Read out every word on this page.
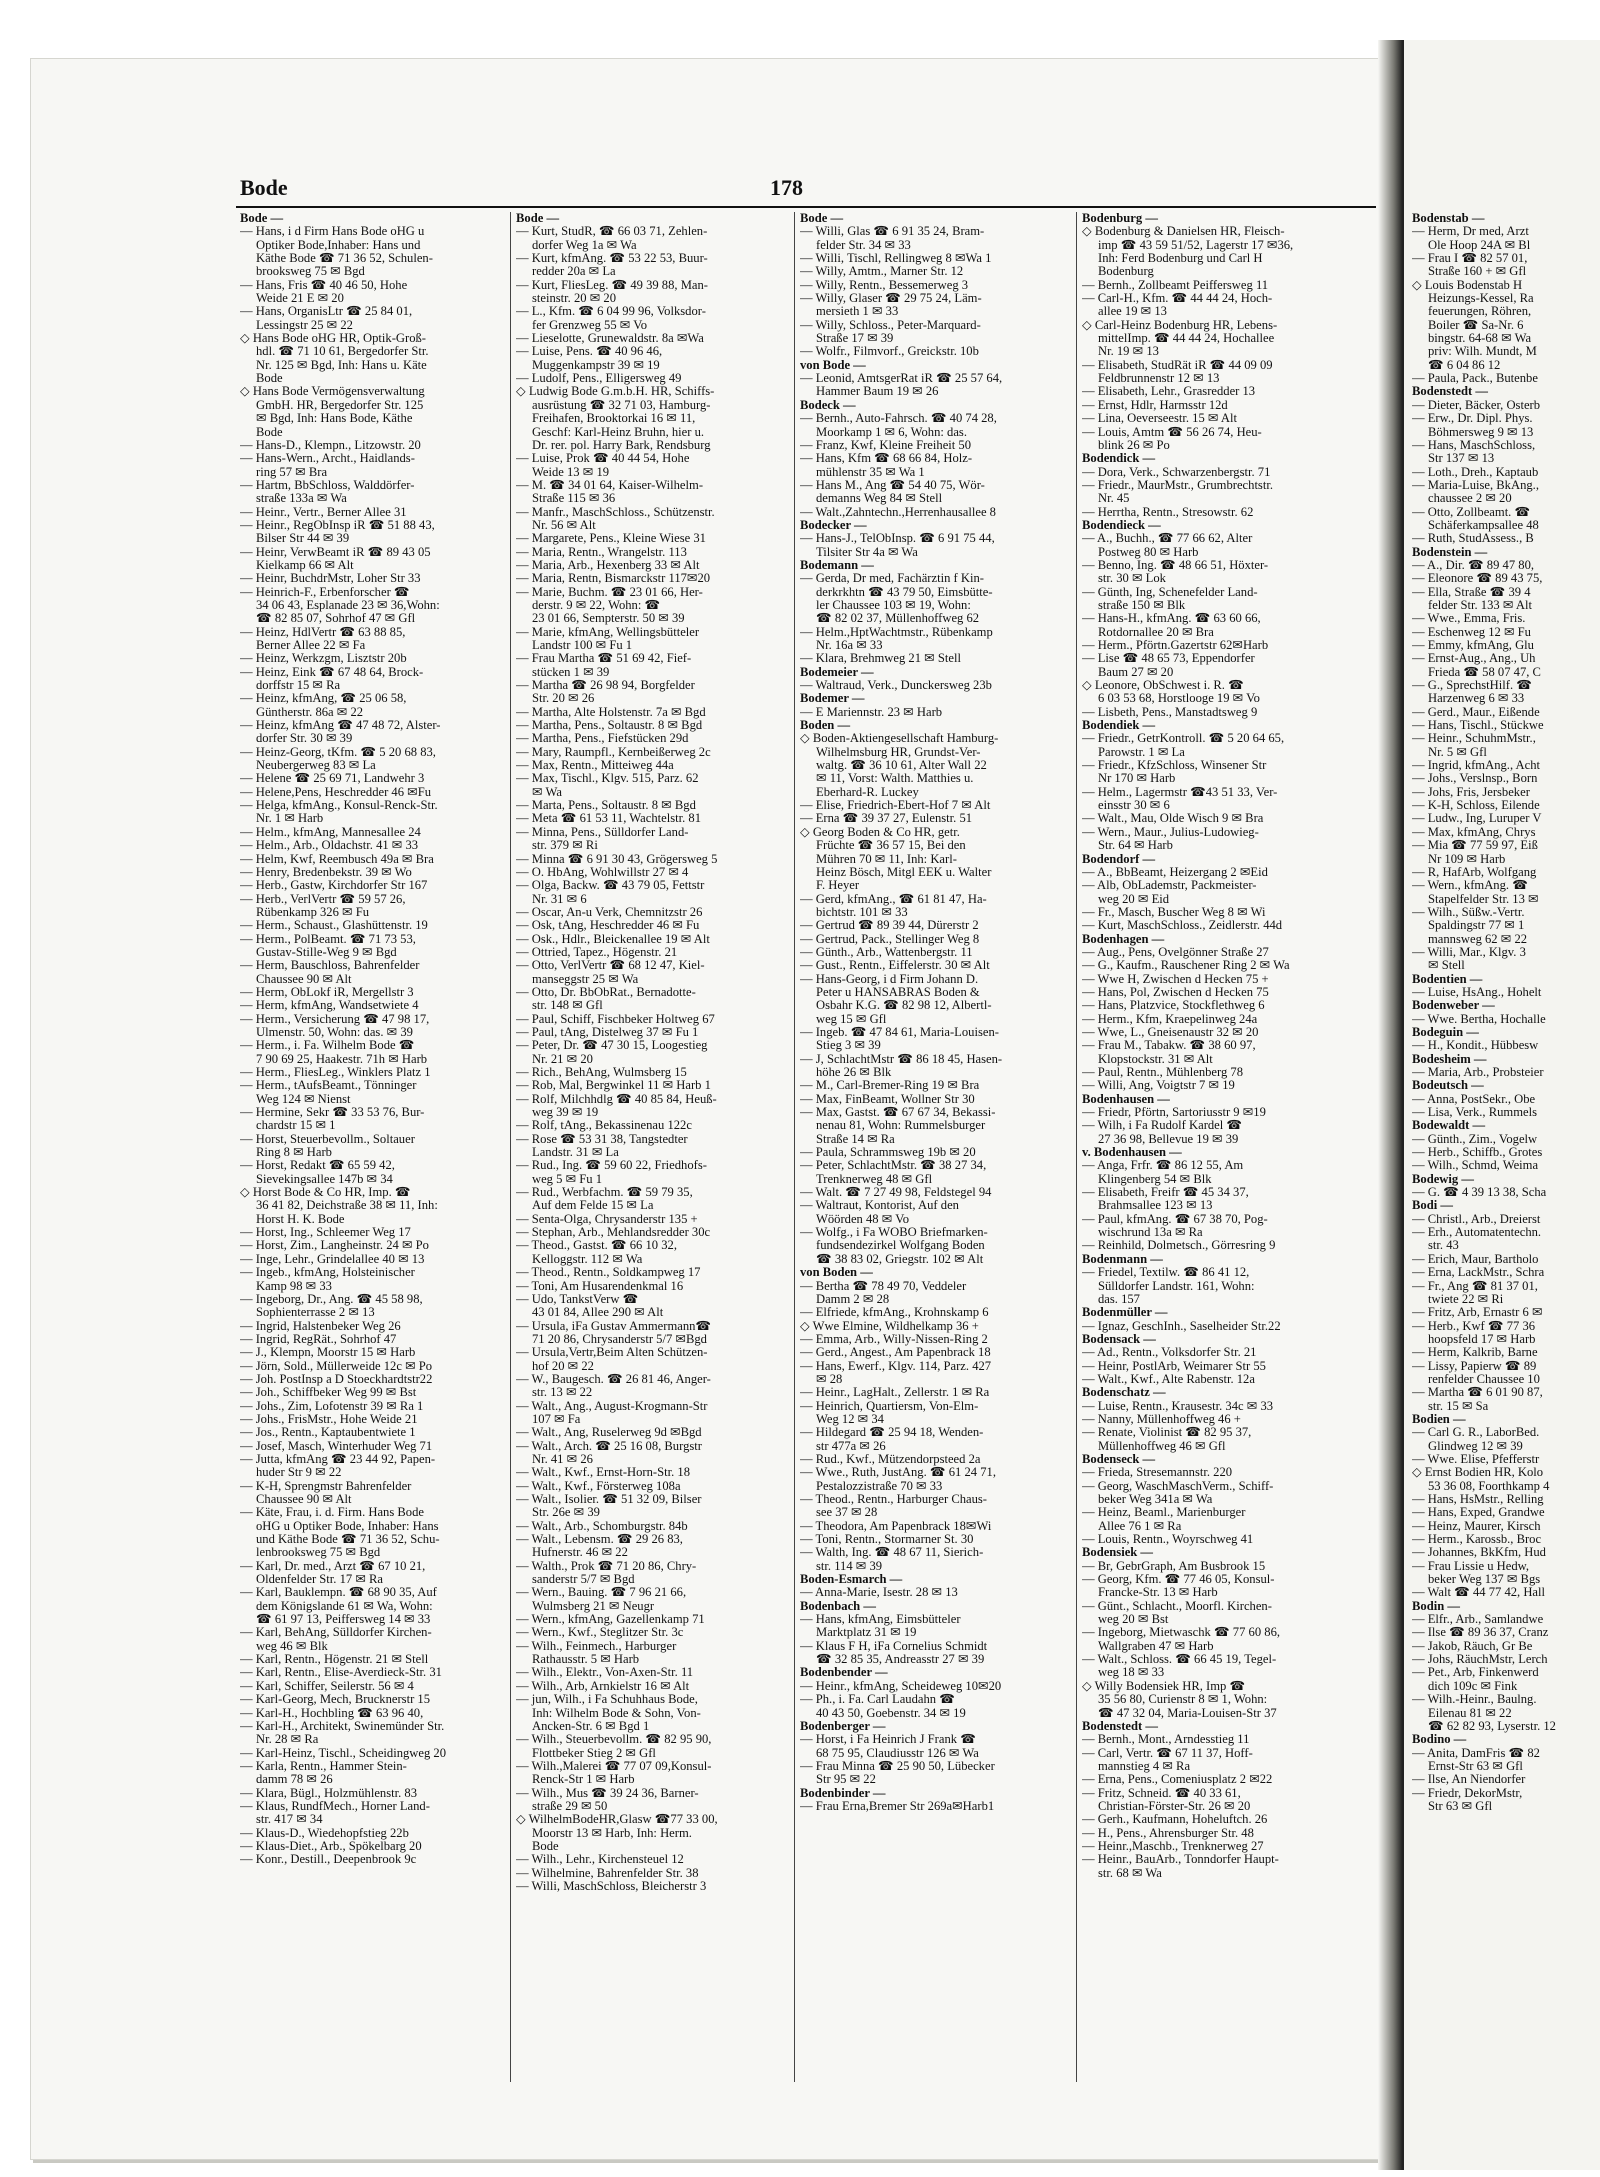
Bode	178
Bode —
— Hans, i d Firm Hans Bode oHG u
Optiker Bode,Inhaber: Hans und
Käthe Bode ☎ 71 36 52, Schulen-
brooksweg 75 ✉ Bgd
— Hans, Fris ☎ 40 46 50, Hohe
Weide 21 E ✉ 20
— Hans, OrganisLtr ☎ 25 84 01,
Lessingstr 25 ✉ 22
◇ Hans Bode oHG HR, Optik-Groß-
hdl. ☎ 71 10 61, Bergedorfer Str.
Nr. 125 ✉ Bgd, Inh: Hans u. Käte
Bode
◇ Hans Bode Vermögensverwaltung
GmbH. HR, Bergedorfer Str. 125
✉ Bgd, Inh: Hans Bode, Käthe
Bode
— Hans-D., Klempn., Litzowstr. 20
— Hans-Wern., Archt., Haidlands-
ring 57 ✉ Bra
— Hartm, BbSchloss, Walddörfer-
straße 133a ✉ Wa
— Heinr., Vertr., Berner Allee 31
— Heinr., RegObInsp iR ☎ 51 88 43,
Bilser Str 44 ✉ 39
— Heinr, VerwBeamt iR ☎ 89 43 05
Kielkamp 66 ✉ Alt
— Heinr, BuchdrMstr, Loher Str 33
— Heinrich-F., Erbenforscher ☎
34 06 43, Esplanade 23 ✉ 36,Wohn:
☎ 82 85 07, Sohrhof 47 ✉ Gfl
— Heinz, HdlVertr ☎ 63 88 85,
Berner Allee 22 ✉ Fa
— Heinz, Werkzgm, Lisztstr 20b
— Heinz, Eink ☎ 67 48 64, Brock-
dorffstr 15 ✉ Ra
— Heinz, kfmAng, ☎ 25 06 58,
Güntherstr. 86a ✉ 22
— Heinz, kfmAng ☎ 47 48 72, Alster-
dorfer Str. 30 ✉ 39
— Heinz-Georg, tKfm. ☎ 5 20 68 83,
Neubergerweg 83 ✉ La
— Helene ☎ 25 69 71, Landwehr 3
— Helene,Pens, Heschredder 46 ✉Fu
— Helga, kfmAng., Konsul-Renck-Str.
Nr. 1 ✉ Harb
— Helm., kfmAng, Mannesallee 24
— Helm., Arb., Oldachstr. 41 ✉ 33
— Helm, Kwf, Reembusch 49a ✉ Bra
— Henry, Bredenbekstr. 39 ✉ Wo
— Herb., Gastw, Kirchdorfer Str 167
— Herb., VerlVertr ☎ 59 57 26,
Rübenkamp 326 ✉ Fu
— Herm., Schaust., Glashüttenstr. 19
— Herm., PolBeamt. ☎ 71 73 53,
Gustav-Stille-Weg 9 ✉ Bgd
— Herm, Bauschloss, Bahrenfelder
Chaussee 90 ✉ Alt
— Herm, ObLokf iR, Mergellstr 3
— Herm, kfmAng, Wandsetwiete 4
— Herm., Versicherung ☎ 47 98 17,
Ulmenstr. 50, Wohn: das. ✉ 39
— Herm., i. Fa. Wilhelm Bode ☎
7 90 69 25, Haakestr. 71h ✉ Harb
— Herm., FliesLeg., Winklers Platz 1
— Herm., tAufsBeamt., Tönninger
Weg 124 ✉ Nienst
— Hermine, Sekr ☎ 33 53 76, Bur-
chardstr 15 ✉ 1
— Horst, Steuerbevollm., Soltauer
Ring 8 ✉ Harb
— Horst, Redakt ☎ 65 59 42,
Sievekingsallee 147b ✉ 34
◇ Horst Bode & Co HR, Imp. ☎
36 41 82, Deichstraße 38 ✉ 11, Inh:
Horst H. K. Bode
— Horst, Ing., Schleemer Weg 17
— Horst, Zim., Langheinstr. 24 ✉ Po
— Inge, Lehr., Grindelallee 40 ✉ 13
— Ingeb., kfmAng, Holsteinischer
Kamp 98 ✉ 33
— Ingeborg, Dr., Ang. ☎ 45 58 98,
Sophienterrasse 2 ✉ 13
— Ingrid, Halstenbeker Weg 26
— Ingrid, RegRät., Sohrhof 47
— J., Klempn, Moorstr 15 ✉ Harb
— Jörn, Sold., Müllerweide 12c ✉ Po
— Joh. PostInsp a D Stoeckhardtstr22
— Joh., Schiffbeker Weg 99 ✉ Bst
— Johs., Zim, Lofotenstr 39 ✉ Ra 1
— Johs., FrisMstr., Hohe Weide 21
— Jos., Rentn., Kaptaubentwiete 1
— Josef, Masch, Winterhuder Weg 71
— Jutta, kfmAng ☎ 23 44 92, Papen-
huder Str 9 ✉ 22
— K-H, Sprengmstr Bahrenfelder
Chaussee 90 ✉ Alt
— Käte, Frau, i. d. Firm. Hans Bode
oHG u Optiker Bode, Inhaber: Hans
und Käthe Bode ☎ 71 36 52, Schu-
lenbrooksweg 75 ✉ Bgd
— Karl, Dr. med., Arzt ☎ 67 10 21,
Oldenfelder Str. 17 ✉ Ra
— Karl, Bauklempn. ☎ 68 90 35, Auf
dem Königslande 61 ✉ Wa, Wohn:
☎ 61 97 13, Peiffersweg 14 ✉ 33
— Karl, BehAng, Sülldorfer Kirchen-
weg 46 ✉ Blk
— Karl, Rentn., Högenstr. 21 ✉ Stell
— Karl, Rentn., Elise-Averdieck-Str. 31
— Karl, Schiffer, Seilerstr. 56 ✉ 4
— Karl-Georg, Mech, Brucknerstr 15
— Karl-H., Hochbling ☎ 63 96 40,
— Karl-H., Architekt, Swinemünder Str.
Nr. 28 ✉ Ra
— Karl-Heinz, Tischl., Scheidingweg 20
— Karla, Rentn., Hammer Stein-
damm 78 ✉ 26
— Klara, Bügl., Holzmühlenstr. 83
— Klaus, RundfMech., Horner Land-
str. 417 ✉ 34
— Klaus-D., Wiedehopfstieg 22b
— Klaus-Diet., Arb., Spökelbarg 20
— Konr., Destill., Deepenbrook 9c
Bode —
— Kurt, StudR, ☎ 66 03 71, Zehlen-
dorfer Weg 1a ✉ Wa
— Kurt, kfmAng. ☎ 53 22 53, Buur-
redder 20a ✉ La
— Kurt, FliesLeg. ☎ 49 39 88, Man-
steinstr. 20 ✉ 20
— L., Kfm. ☎ 6 04 99 96, Volksdor-
fer Grenzweg 55 ✉ Vo
— Lieselotte, Grunewaldstr. 8a ✉Wa
— Luise, Pens. ☎ 40 96 46,
Muggenkampstr 39 ✉ 19
— Ludolf, Pens., Elligersweg 49
◇ Ludwig Bode G.m.b.H. HR, Schiffs-
ausrüstung ☎ 32 71 03, Hamburg-
Freihafen, Brooktorkai 16 ✉ 11,
Geschf: Karl-Heinz Bruhn, hier u.
Dr. rer. pol. Harry Bark, Rendsburg
— Luise, Prok ☎ 40 44 54, Hohe
Weide 13 ✉ 19
— M. ☎ 34 01 64, Kaiser-Wilhelm-
Straße 115 ✉ 36
— Manfr., MaschSchloss., Schützenstr.
Nr. 56 ✉ Alt
— Margarete, Pens., Kleine Wiese 31
— Maria, Rentn., Wrangelstr. 113
— Maria, Arb., Hexenberg 33 ✉ Alt
— Maria, Rentn, Bismarckstr 117✉20
— Marie, Buchm. ☎ 23 01 66, Her-
derstr. 9 ✉ 22, Wohn: ☎
23 01 66, Sempterstr. 50 ✉ 39
— Marie, kfmAng, Wellingsbütteler
Landstr 100 ✉ Fu 1
— Frau Martha ☎ 51 69 42, Fief-
stücken 1 ✉ 39
— Martha ☎ 26 98 94, Borgfelder
Str. 20 ✉ 26
— Martha, Alte Holstenstr. 7a ✉ Bgd
— Martha, Pens., Soltaustr. 8 ✉ Bgd
— Martha, Pens., Fiefstücken 29d
— Mary, Raumpfl., Kernbeißerweg 2c
— Max, Rentn., Mitteiweg 44a
— Max, Tischl., Klgv. 515, Parz. 62
✉ Wa
— Marta, Pens., Soltaustr. 8 ✉ Bgd
— Meta ☎ 61 53 11, Wachtelstr. 81
— Minna, Pens., Sülldorfer Land-
str. 379 ✉ Ri
— Minna ☎ 6 91 30 43, Grögersweg 5
— O. HbAng, Wohlwillstr 27 ✉ 4
— Olga, Backw. ☎ 43 79 05, Fettstr
Nr. 31 ✉ 6
— Oscar, An-u Verk, Chemnitzstr 26
— Osk, tAng, Heschredder 46 ✉ Fu
— Osk., Hdlr., Bleickenallee 19 ✉ Alt
— Ottried, Tapez., Högenstr. 21
— Otto, VerlVertr ☎ 68 12 47, Kiel-
manseggstr 25 ✉ Wa
— Otto, Dr. BbObRat., Bernadotte-
str. 148 ✉ Gfl
— Paul, Schiff, Fischbeker Holtweg 67
— Paul, tAng, Distelweg 37 ✉ Fu 1
— Peter, Dr. ☎ 47 30 15, Loogestieg
Nr. 21 ✉ 20
— Rich., BehAng, Wulmsberg 15
— Rob, Mal, Bergwinkel 11 ✉ Harb 1
— Rolf, Milchhdlg ☎ 40 85 84, Heuß-
weg 39 ✉ 19
— Rolf, tAng., Bekassinenau 122c
— Rose ☎ 53 31 38, Tangstedter
Landstr. 31 ✉ La
— Rud., Ing. ☎ 59 60 22, Friedhofs-
weg 5 ✉ Fu 1
— Rud., Werbfachm. ☎ 59 79 35,
Auf dem Felde 15 ✉ La
— Senta-Olga, Chrysanderstr 135 +
— Stephan, Arb., Mehlandsredder 30c
— Theod., Gastst. ☎ 66 10 32,
Kelloggstr. 112 ✉ Wa
— Theod., Rentn., Soldkampweg 17
— Toni, Am Husarendenkmal 16
— Udo, TankstVerw ☎
43 01 84, Allee 290 ✉ Alt
— Ursula, iFa Gustav Ammermann☎
71 20 86, Chrysanderstr 5/7 ✉Bgd
— Ursula,Vertr,Beim Alten Schützen-
hof 20 ✉ 22
— W., Baugesch. ☎ 26 81 46, Anger-
str. 13 ✉ 22
— Walt., Ang., August-Krogmann-Str
107 ✉ Fa
— Walt., Ang, Ruselerweg 9d ✉Bgd
— Walt., Arch. ☎ 25 16 08, Burgstr
Nr. 41 ✉ 26
— Walt., Kwf., Ernst-Horn-Str. 18
— Walt., Kwf., Försterweg 108a
— Walt., Isolier. ☎ 51 32 09, Bilser
Str. 26e ✉ 39
— Walt., Arb., Schomburgstr. 84b
— Walt., Lebensm. ☎ 29 26 83,
Hufnerstr. 46 ✉ 22
— Walth., Prok ☎ 71 20 86, Chry-
sanderstr 5/7 ✉ Bgd
— Wern., Bauing. ☎ 7 96 21 66,
Wulmsberg 21 ✉ Neugr
— Wern., kfmAng, Gazellenkamp 71
— Wern., Kwf., Steglitzer Str. 3c
— Wilh., Feinmech., Harburger
Rathausstr. 5 ✉ Harb
— Wilh., Elektr., Von-Axen-Str. 11
— Wilh., Arb, Arnkielstr 16 ✉ Alt
— jun, Wilh., i Fa Schuhhaus Bode,
Inh: Wilhelm Bode & Sohn, Von-
Ancken-Str. 6 ✉ Bgd 1
— Wilh., Steuerbevollm. ☎ 82 95 90,
Flottbeker Stieg 2 ✉ Gfl
— Wilh.,Malerei ☎ 77 07 09,Konsul-
Renck-Str 1 ✉ Harb
— Wilh., Mus ☎ 39 24 36, Barner-
straße 29 ✉ 50
◇ WilhelmBodeHR,Glasw ☎77 33 00,
Moorstr 13 ✉ Harb, Inh: Herm.
Bode
— Wilh., Lehr., Kirchensteuel 12
— Wilhelmine, Bahrenfelder Str. 38
— Willi, MaschSchloss, Bleicherstr 3
Bode —
— Willi, Glas ☎ 6 91 35 24, Bram-
felder Str. 34 ✉ 33
— Willi, Tischl, Rellingweg 8 ✉Wa 1
— Willy, Amtm., Marner Str. 12
— Willy, Rentn., Bessemerweg 3
— Willy, Glaser ☎ 29 75 24, Läm-
mersieth 1 ✉ 33
— Willy, Schloss., Peter-Marquard-
Straße 17 ✉ 39
— Wolfr., Filmvorf., Greickstr. 10b
von Bode —
— Leonid, AmtsgerRat iR ☎ 25 57 64,
Hammer Baum 19 ✉ 26
Bodeck —
— Bernh., Auto-Fahrsch. ☎ 40 74 28,
Moorkamp 1 ✉ 6, Wohn: das.
— Franz, Kwf, Kleine Freiheit 50
— Hans, Kfm ☎ 68 66 84, Holz-
mühlenstr 35 ✉ Wa 1
— Hans M., Ang ☎ 54 40 75, Wör-
demanns Weg 84 ✉ Stell
— Walt.,Zahntechn.,Herrenhausallee 8
Bodecker —
— Hans-J., TelObInsp. ☎ 6 91 75 44,
Tilsiter Str 4a ✉ Wa
Bodemann —
— Gerda, Dr med, Fachärztin f Kin-
derkrkhtn ☎ 43 79 50, Eimsbütte-
ler Chaussee 103 ✉ 19, Wohn:
☎ 82 02 37, Müllenhoffweg 62
— Helm.,HptWachtmstr., Rübenkamp
Nr. 16a ✉ 33
— Klara, Brehmweg 21 ✉ Stell
Bodemeier —
— Waltraud, Verk., Dunckersweg 23b
Bodemer —
— E Mariennstr. 23 ✉ Harb
Boden —
◇ Boden-Aktiengesellschaft Hamburg-
Wilhelmsburg HR, Grundst-Ver-
waltg. ☎ 36 10 61, Alter Wall 22
✉ 11, Vorst: Walth. Matthies u.
Eberhard-R. Luckey
— Elise, Friedrich-Ebert-Hof 7 ✉ Alt
— Erna ☎ 39 37 27, Eulenstr. 51
◇ Georg Boden & Co HR, getr.
Früchte ☎ 36 57 15, Bei den
Mühren 70 ✉ 11, Inh: Karl-
Heinz Bösch, Mitgl EEK u. Walter
F. Heyer
— Gerd, kfmAng., ☎ 61 81 47, Ha-
bichtstr. 101 ✉ 33
— Gertrud ☎ 89 39 44, Dürerstr 2
— Gertrud, Pack., Stellinger Weg 8
— Günth., Arb., Wattenbergstr. 11
— Gust., Rentn., Eiffelerstr. 30 ✉ Alt
— Hans-Georg, i d Firm Johann D.
Peter u HANSABRAS Boden &
Osbahr K.G. ☎ 82 98 12, Albertl-
weg 15 ✉ Gfl
— Ingeb. ☎ 47 84 61, Maria-Louisen-
Stieg 3 ✉ 39
— J, SchlachtMstr ☎ 86 18 45, Hasen-
höhe 26 ✉ Blk
— M., Carl-Bremer-Ring 19 ✉ Bra
— Max, FinBeamt, Wollner Str 30
— Max, Gastst. ☎ 67 67 34, Bekassi-
nenau 81, Wohn: Rummelsburger
Straße 14 ✉ Ra
— Paula, Schrammsweg 19b ✉ 20
— Peter, SchlachtMstr. ☎ 38 27 34,
Trenknerweg 48 ✉ Gfl
— Walt. ☎ 7 27 49 98, Feldstegel 94
— Waltraut, Kontorist, Auf den
Wöörden 48 ✉ Vo
— Wolfg., i Fa WOBO Briefmarken-
fundsendezirkel Wolfgang Boden
☎ 38 83 02, Griegstr. 102 ✉ Alt
von Boden —
— Bertha ☎ 78 49 70, Veddeler
Damm 2 ✉ 28
— Elfriede, kfmAng., Krohnskamp 6
◇ Wwe Elmine, Wildhelkamp 36 +
— Emma, Arb., Willy-Nissen-Ring 2
— Gerd., Angest., Am Papenbrack 18
— Hans, Ewerf., Klgv. 114, Parz. 427
✉ 28
— Heinr., LagHalt., Zellerstr. 1 ✉ Ra
— Heinrich, Quartiersm, Von-Elm-
Weg 12 ✉ 34
— Hildegard ☎ 25 94 18, Wenden-
str 477a ✉ 26
— Rud., Kwf., Mützendorpsteed 2a
— Wwe., Ruth, JustAng. ☎ 61 24 71,
Pestalozzistraße 70 ✉ 33
— Theod., Rentn., Harburger Chaus-
see 37 ✉ 28
— Theodora, Am Papenbrack 18✉Wi
— Toni, Rentn., Stormarner St. 30
— Walth, Ing. ☎ 48 67 11, Sierich-
str. 114 ✉ 39
Boden-Esmarch —
— Anna-Marie, Isestr. 28 ✉ 13
Bodenbach —
— Hans, kfmAng, Eimsbütteler
Marktplatz 31 ✉ 19
— Klaus F H, iFa Cornelius Schmidt
☎ 32 85 35, Andreasstr 27 ✉ 39
Bodenbender —
— Heinr., kfmAng, Scheideweg 10✉20
— Ph., i. Fa. Carl Laudahn ☎
40 43 50, Goebenstr. 34 ✉ 19
Bodenberger —
— Horst, i Fa Heinrich J Frank ☎
68 75 95, Claudiusstr 126 ✉ Wa
— Frau Minna ☎ 25 90 50, Lübecker
Str 95 ✉ 22
Bodenbinder —
— Frau Erna,Bremer Str 269a✉Harb1
Bodenburg —
◇ Bodenburg & Danielsen HR, Fleisch-
imp ☎ 43 59 51/52, Lagerstr 17 ✉36,
Inh: Ferd Bodenburg und Carl H
Bodenburg
— Bernh., Zollbeamt Peiffersweg 11
— Carl-H., Kfm. ☎ 44 44 24, Hoch-
allee 19 ✉ 13
◇ Carl-Heinz Bodenburg HR, Lebens-
mittelImp. ☎ 44 44 24, Hochallee
Nr. 19 ✉ 13
— Elisabeth, StudRät iR ☎ 44 09 09
Feldbrunnenstr 12 ✉ 13
— Elisabeth, Lehr., Grasredder 13
— Ernst, Hdlr, Harmsstr 12d
— Lina, Oeverseestr. 15 ✉ Alt
— Louis, Amtm ☎ 56 26 74, Heu-
blink 26 ✉ Po
Bodendick —
— Dora, Verk., Schwarzenbergstr. 71
— Friedr., MaurMstr., Grumbrechtstr.
Nr. 45
— Herrtha, Rentn., Stresowstr. 62
Bodendieck —
— A., Buchh., ☎ 77 66 62, Alter
Postweg 80 ✉ Harb
— Benno, Ing. ☎ 48 66 51, Höxter-
str. 30 ✉ Lok
— Günth, Ing, Schenefelder Land-
straße 150 ✉ Blk
— Hans-H., kfmAng. ☎ 63 60 66,
Rotdornallee 20 ✉ Bra
— Herm., Pförtn.Gazertstr 62✉Harb
— Lise ☎ 48 65 73, Eppendorfer
Baum 27 ✉ 20
◇ Leonore, ObSchwest i. R. ☎
6 03 53 68, Horstlooge 19 ✉ Vo
— Lisbeth, Pens., Manstadtsweg 9
Bodendiek —
— Friedr., GetrKontroll. ☎ 5 20 64 65,
Parowstr. 1 ✉ La
— Friedr., KfzSchloss, Winsener Str
Nr 170 ✉ Harb
— Helm., Lagermstr ☎43 51 33, Ver-
einsstr 30 ✉ 6
— Walt., Mau, Olde Wisch 9 ✉ Bra
— Wern., Maur., Julius-Ludowieg-
Str. 64 ✉ Harb
Bodendorf —
— A., BbBeamt, Heizergang 2 ✉Eid
— Alb, ObLademstr, Packmeister-
weg 20 ✉ Eid
— Fr., Masch, Buscher Weg 8 ✉ Wi
— Kurt, MaschSchloss., Zeidlerstr. 44d
Bodenhagen —
— Aug., Pens, Ovelgönner Straße 27
— G., Kaufm., Rauschener Ring 2 ✉ Wa
— Wwe H, Zwischen d Hecken 75 +
— Hans, Pol, Zwischen d Hecken 75
— Hans, Platzvice, Stockflethweg 6
— Herm., Kfm, Kraepelinweg 24a
— Wwe, L., Gneisenaustr 32 ✉ 20
— Frau M., Tabakw. ☎ 38 60 97,
Klopstockstr. 31 ✉ Alt
— Paul, Rentn., Mühlenberg 78
— Willi, Ang, Voigtstr 7 ✉ 19
Bodenhausen —
— Friedr, Pförtn, Sartoriusstr 9 ✉19
— Wilh, i Fa Rudolf Kardel ☎
27 36 98, Bellevue 19 ✉ 39
v. Bodenhausen —
— Anga, Frfr. ☎ 86 12 55, Am
Klingenberg 54 ✉ Blk
— Elisabeth, Freifr ☎ 45 34 37,
Brahmsallee 123 ✉ 13
— Paul, kfmAng. ☎ 67 38 70, Pog-
wischrund 13a ✉ Ra
— Reinhild, Dolmetsch., Görresring 9
Bodenmann —
— Friedel, Textilw. ☎ 86 41 12,
Sülldorfer Landstr. 161, Wohn:
das. 157
Bodenmüller —
— Ignaz, GeschInh., Saselheider Str.22
Bodensack —
— Ad., Rentn., Volksdorfer Str. 21
— Heinr, PostlArb, Weimarer Str 55
— Walt., Kwf., Alte Rabenstr. 12a
Bodenschatz —
— Luise, Rentn., Krausestr. 34c ✉ 33
— Nanny, Müllenhoffweg 46 +
— Renate, Violinist ☎ 82 95 37,
Müllenhoffweg 46 ✉ Gfl
Bodenseck —
— Frieda, Stresemannstr. 220
— Georg, WaschMaschVerm., Schiff-
beker Weg 341a ✉ Wa
— Heinz, Beaml., Marienburger
Allee 76 1 ✉ Ra
— Louis, Rentn., Woyrschweg 41
Bodensiek —
— Br, GebrGraph, Am Busbrook 15
— Georg, Kfm. ☎ 77 46 05, Konsul-
Francke-Str. 13 ✉ Harb
— Günt., Schlacht., Moorfl. Kirchen-
weg 20 ✉ Bst
— Ingeborg, Mietwaschk ☎ 77 60 86,
Wallgraben 47 ✉ Harb
— Walt., Schloss. ☎ 66 45 19, Tegel-
weg 18 ✉ 33
◇ Willy Bodensiek HR, Imp ☎
35 56 80, Curienstr 8 ✉ 1, Wohn:
☎ 47 32 04, Maria-Louisen-Str 37
Bodenstedt —
— Bernh., Mont., Arndesstieg 11
— Carl, Vertr. ☎ 67 11 37, Hoff-
mannstieg 4 ✉ Ra
— Erna, Pens., Comeniusplatz 2 ✉22
— Fritz, Schneid. ☎ 40 33 61,
Christian-Förster-Str. 26 ✉ 20
— Gerh., Kaufmann, Hoheluftch. 26
— H., Pens., Ahrensburger Str. 48
— Heinr.,Maschb., Trenknerweg 27
— Heinr., BauArb., Tonndorfer Haupt-
str. 68 ✉ Wa
Bodenstab —
— Herm, Dr med, Arzt
Ole Hoop 24A ✉ Bl
— Frau I ☎ 82 57 01,
Straße 160 + ✉ Gfl
◇ Louis Bodenstab H
Heizungs-Kessel, Ra
feuerungen, Röhren,
Boiler ☎ Sa-Nr. 6
bingstr. 64-68 ✉ Wa
priv: Wilh. Mundt, M
☎ 6 04 86 12
— Paula, Pack., Butenbe
Bodenstedt —
— Dieter, Bäcker, Osterb
— Erw., Dr. Dipl. Phys.
Böhmersweg 9 ✉ 13
— Hans, MaschSchloss,
Str 137 ✉ 13
— Loth., Dreh., Kaptaub
— Maria-Luise, BkAng.,
chaussee 2 ✉ 20
— Otto, Zollbeamt. ☎
Schäferkampsallee 48
— Ruth, StudAssess., B
Bodenstein —
— A., Dir. ☎ 89 47 80,
— Eleonore ☎ 89 43 75,
— Ella, Straße ☎ 39 4
felder Str. 133 ✉ Alt
— Wwe., Emma, Fris.
— Eschenweg 12 ✉ Fu
— Emmy, kfmAng, Glu
— Ernst-Aug., Ang., Uh
Frieda ☎ 58 07 47, C
— G., SprechstHilf. ☎
Harzenweg 6 ✉ 33
— Gerd., Maur., Eißende
— Hans, Tischl., Stückwe
— Heinr., SchuhmMstr.,
Nr. 5 ✉ Gfl
— Ingrid, kfmAng., Acht
— Johs., Verslnsp., Born
— Johs, Fris, Jersbeker
— K-H, Schloss, Eilende
— Ludw., Ing, Luruper V
— Max, kfmAng, Chrys
— Mia ☎ 77 59 97, Eiß
Nr 109 ✉ Harb
— R, HafArb, Wolfgang
— Wern., kfmAng. ☎
Stapelfelder Str. 13 ✉
— Wilh., Süßw.-Vertr.
Spaldingstr 77 ✉ 1
mannsweg 62 ✉ 22
— Willi, Mar., Klgv. 3
✉ Stell
Bodentien —
— Luise, HsAng., Hohelt
Bodenweber —
— Wwe. Bertha, Hochalle
Bodeguin —
— H., Kondit., Hübbesw
Bodesheim —
— Maria, Arb., Probsteier
Bodeutsch —
— Anna, PostSekr., Obe
— Lisa, Verk., Rummels
Bodewaldt —
— Günth., Zim., Vogelw
— Herb., Schiffb., Grotes
— Wilh., Schmd, Weima
Bodewig —
— G. ☎ 4 39 13 38, Scha
Bodi —
— Christl., Arb., Dreierst
— Erh., Automatentechn.
str. 43
— Erich, Maur, Bartholo
— Erna, LackMstr., Schra
— Fr., Ang ☎ 81 37 01,
twiete 22 ✉ Ri
— Fritz, Arb, Ernastr 6 ✉
— Herb., Kwf ☎ 77 36
hoopsfeld 17 ✉ Harb
— Herm, Kalkrib, Barne
— Lissy, Papierw ☎ 89
renfelder Chaussee 10
— Martha ☎ 6 01 90 87,
str. 15 ✉ Sa
Bodien —
— Carl G. R., LaborBed.
Glindweg 12 ✉ 39
— Wwe. Elise, Pfefferstr
◇ Ernst Bodien HR, Kolo
53 36 08, Foorthkamp 4
— Hans, HsMstr., Relling
— Hans, Exped, Grandwe
— Heinz, Maurer, Kirsch
— Herm., Karossb., Broc
— Johannes, BkKfm, Hud
— Frau Lissie u Hedw,
beker Weg 137 ✉ Bgs
— Walt ☎ 44 77 42, Hall
Bodin —
— Elfr., Arb., Samlandwe
— Ilse ☎ 89 36 37, Cranz
— Jakob, Räuch, Gr Be
— Johs, RäuchMstr, Lerch
— Pet., Arb, Finkenwerd
dich 109c ✉ Fink
— Wilh.-Heinr., Baulng.
Eilenau 81 ✉ 22
☎ 62 82 93, Lyserstr. 12
Bodino —
— Anita, DamFris ☎ 82
Ernst-Str 63 ✉ Gfl
— Ilse, An Niendorfer
— Friedr, DekorMstr,
Str 63 ✉ Gfl
